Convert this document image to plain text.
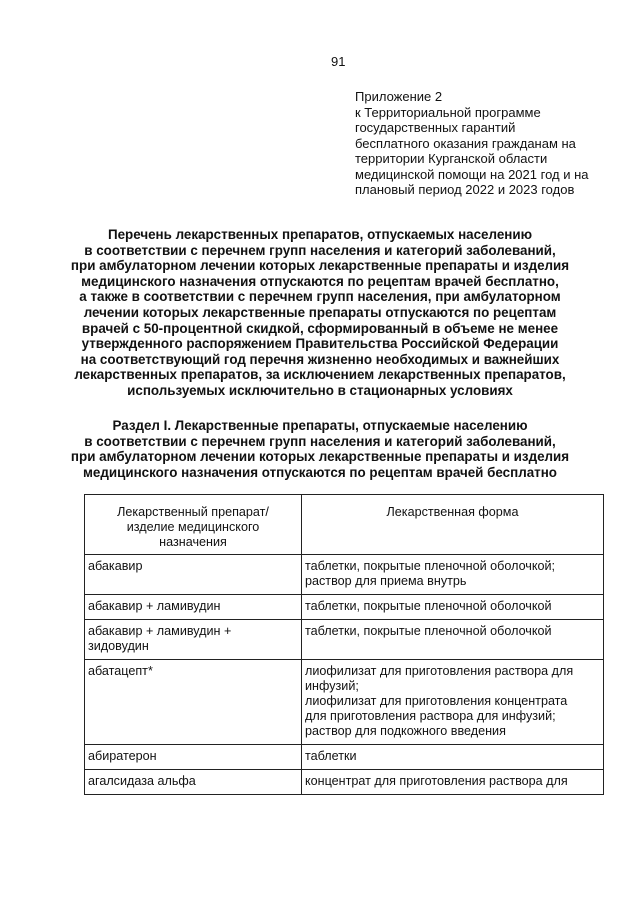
91
Приложение 2
к Территориальной программе
государственных гарантий
бесплатного оказания гражданам на
территории Курганской области
медицинской помощи на 2021 год и на
плановый период 2022 и 2023 годов
Перечень лекарственных препаратов, отпускаемых населению
в соответствии с перечнем групп населения и категорий заболеваний,
при амбулаторном лечении которых лекарственные препараты и изделия
медицинского назначения отпускаются по рецептам врачей бесплатно,
а также в соответствии с перечнем групп населения, при амбулаторном
лечении которых лекарственные препараты отпускаются по рецептам
врачей с 50-процентной скидкой, сформированный в объеме не менее
утвержденного распоряжением Правительства Российской Федерации
на соответствующий год перечня жизненно необходимых и важнейших
лекарственных препаратов, за исключением лекарственных препаратов,
используемых исключительно в стационарных условиях
Раздел I. Лекарственные препараты, отпускаемые населению
в соответствии с перечнем групп населения и категорий заболеваний,
при амбулаторном лечении которых лекарственные препараты и изделия
медицинского назначения отпускаются по рецептам врачей бесплатно
Лекарственный препарат/
изделие медицинского
назначения	Лекарственная форма

абакавир	таблетки, покрытые пленочной оболочкой;
раствор для приема внутрь

абакавир + ламивудин	таблетки, покрытые пленочной оболочкой

абакавир + ламивудин +
зидовудин	таблетки, покрытые пленочной оболочкой

абатацепт*	лиофилизат для приготовления раствора для
инфузий;
лиофилизат для приготовления концентрата
для приготовления раствора для инфузий;
раствор для подкожного введения

абиратерон	таблетки

агалсидаза альфа	концентрат для приготовления раствора для
